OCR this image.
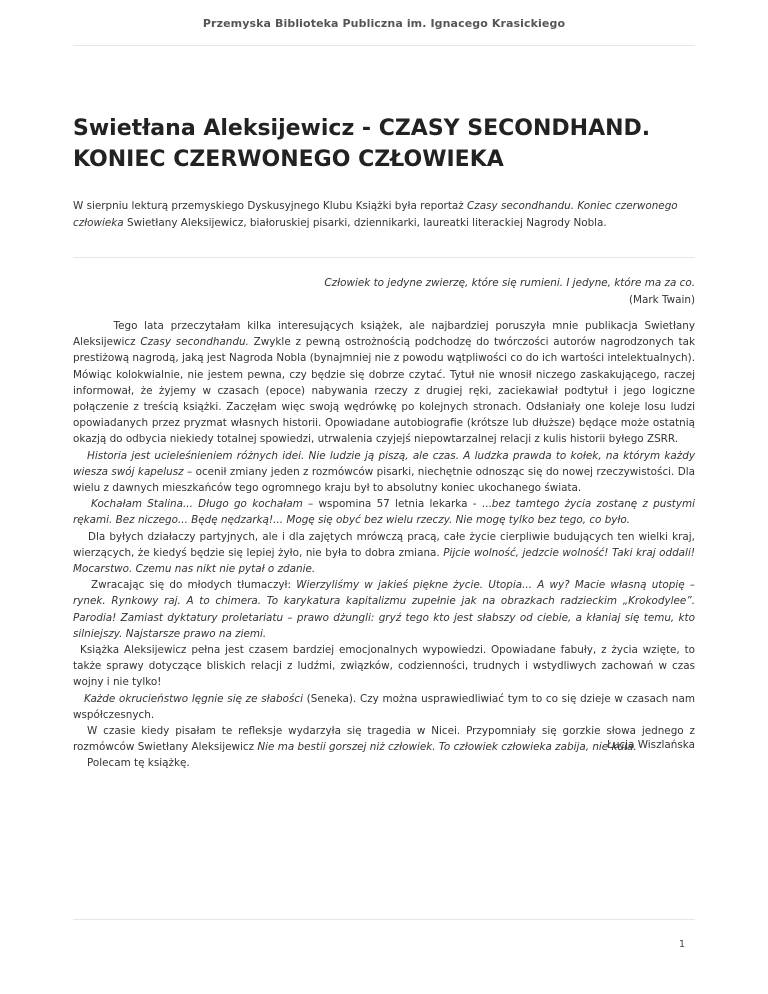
Przemyska Biblioteka Publiczna im. Ignacego Krasickiego
Swietłana Aleksijewicz - CZASY SECONDHAND.
KONIEC CZERWONEGO CZŁOWIEKA
W sierpniu lekturą przemyskiego Dyskusyjnego Klubu Książki była reportaż Czasy secondhandu. Koniec czerwonego człowieka Swietłany Aleksijewicz, białoruskiej pisarki, dziennikarki, laureatki literackiej Nagrody Nobla.
Człowiek to jedyne zwierzę, które się rumieni. I jedyne, które ma za co.
(Mark Twain)

Tego lata przeczytałam kilka interesujących książek, ale najbardziej poruszyła mnie publikacja Swietłany Aleksijewicz Czasy secondhandu. Zwykle z pewną ostrożnością podchodzę do twórczości autorów nagrodzonych tak prestiżową nagrodą, jaką jest Nagroda Nobla (bynajmniej nie z powodu wątpliwości co do ich wartości intelektualnych). Mówiąc kolokwialnie, nie jestem pewna, czy będzie się dobrze czytać. Tytuł nie wnosił niczego zaskakującego, raczej informował, że żyjemy w czasach (epoce) nabywania rzeczy z drugiej ręki, zaciekawiał podtytuł i jego logiczne połączenie z treścią książki. Zaczęłam więc swoją wędrówkę po kolejnych stronach. Odsłaniały one koleje losu ludzi opowiadanych przez pryzmat własnych historii. Opowiadane autobiografie (krótsze lub dłuższe) będące może ostatnią okazją do odbycia niekiedy totalnej spowiedzi, utrwalenia czyjejś niepowtarzalnej relacji z kulis historii byłego ZSRR.

Historia jest ucieleśnieniem różnych idei. Nie ludzie ją piszą, ale czas. A ludzka prawda to kołek, na którym każdy wiesza swój kapelusz – ocenił zmiany jeden z rozmówców pisarki, niechętnie odnosząc się do nowej rzeczywistości. Dla wielu z dawnych mieszkańców tego ogromnego kraju był to absolutny koniec ukochanego świata.

Kochałam Stalina... Długo go kochałam – wspomina 57 letnia lekarka - ...bez tamtego życia zostanę z pustymi rękami. Bez niczego... Będę nędzarką!... Mogę się obyć bez wielu rzeczy. Nie mogę tylko bez tego, co było.

Dla byłych działaczy partyjnych, ale i dla zajętych mrówczą pracą, całe życie cierpliwie budujących ten wielki kraj, wierzących, że kiedyś będzie się lepiej żyło, nie była to dobra zmiana. Pijcie wolność, jedzcie wolność! Taki kraj oddali! Mocarstwo. Czemu nas nikt nie pytał o zdanie.

Zwracając się do młodych tłumaczył: Wierzyliśmy w jakieś piękne życie. Utopia... A wy? Macie własną utopię – rynek. Rynkowy raj. A to chimera. To karykatura kapitalizmu zupełnie jak na obrazkach radzieckim „Krokodylee”. Parodia! Zamiast dyktatury proletariatu – prawo dżungli: gryź tego kto jest słabszy od ciebie, a kłaniaj się temu, kto silniejszy. Najstarsze prawo na ziemi.

Książka Aleksijewicz pełna jest czasem bardziej emocjonalnych wypowiedzi. Opowiadane fabuły, z życia wzięte, to także sprawy dotyczące bliskich relacji z ludźmi, związków, codzienności, trudnych i wstydliwych zachowań w czas wojny i nie tylko!

Każde okrucieństwo lęgnie się ze słabości (Seneka). Czy można usprawiedliwiać tym to co się dzieje w czasach nam współczesnych.

W czasie kiedy pisałam te refleksje wydarzyła się tragedia w Nicei. Przypomniały się gorzkie słowa jednego z rozmówców Swietłany Aleksijewicz Nie ma bestii gorszej niż człowiek. To człowiek człowieka zabija, nie kula.

Polecam tę książkę.

Łucja Wiszlańska
1
